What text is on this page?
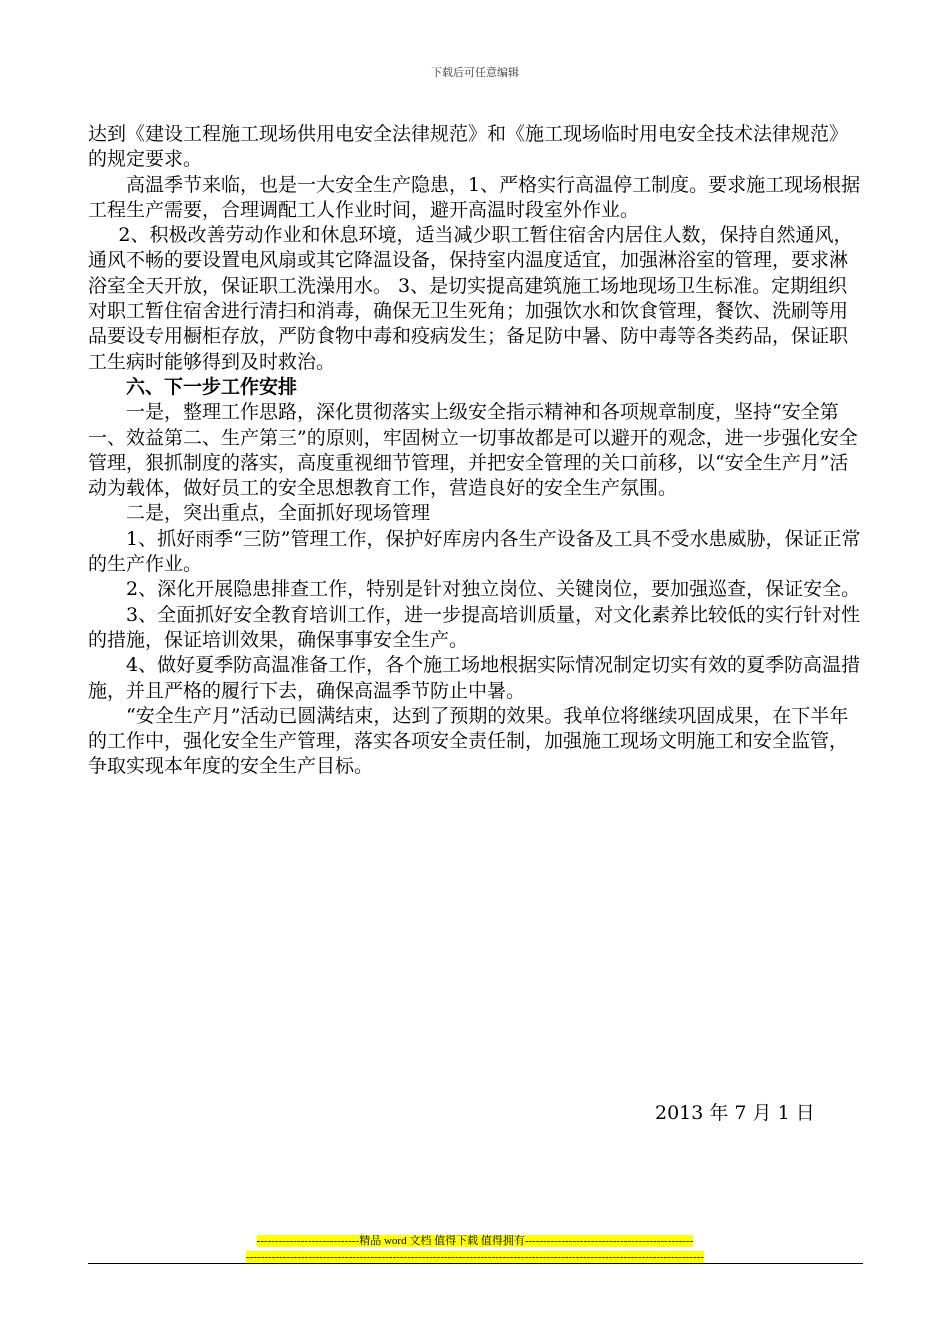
下载后可任意编辑

达到《建设工程施工现场供用电安全法律规范》和《施工现场临时用电安全技术法律规范》的规定要求。

高温季节来临，也是一大安全生产隐患，1、严格实行高温停工制度。要求施工现场根据工程生产需要，合理调配工人作业时间，避开高温时段室外作业。

2、积极改善劳动作业和休息环境，适当减少职工暂住宿舍内居住人数，保持自然通风，通风不畅的要设置电风扇或其它降温设备，保持室内温度适宜，加强淋浴室的管理，要求淋浴室全天开放，保证职工洗澡用水。 3、是切实提高建筑施工场地现场卫生标准。定期组织对职工暂住宿舍进行清扫和消毒，确保无卫生死角；加强饮水和饮食管理，餐饮、洗刷等用品要设专用橱柜存放，严防食物中毒和疫病发生；备足防中暑、防中毒等各类药品，保证职工生病时能够得到及时救治。

六、下一步工作安排

一是，整理工作思路，深化贯彻落实上级安全指示精神和各项规章制度，坚持“安全第一、效益第二、生产第三”的原则，牢固树立一切事故都是可以避开的观念，进一步强化安全管理，狠抓制度的落实，高度重视细节管理，并把安全管理的关口前移，以“安全生产月”活动为载体，做好员工的安全思想教育工作，营造良好的安全生产氛围。

二是，突出重点，全面抓好现场管理

1、抓好雨季“三防”管理工作，保护好库房内各生产设备及工具不受水患威胁，保证正常的生产作业。

2、深化开展隐患排查工作，特别是针对独立岗位、关键岗位，要加强巡查，保证安全。

3、全面抓好安全教育培训工作，进一步提高培训质量，对文化素养比较低的实行针对性的措施，保证培训效果，确保事事安全生产。

4、做好夏季防高温准备工作，各个施工场地根据实际情况制定切实有效的夏季防高温措施，并且严格的履行下去，确保高温季节防止中暑。

“安全生产月”活动已圆满结束，达到了预期的效果。我单位将继续巩固成果，在下半年的工作中，强化安全生产管理，落实各项安全责任制，加强施工现场文明施工和安全监管，争取实现本年度的安全生产目标。

2013 年 7 月 1 日
----------------------------精品 word 文档 值得下载 值得拥有----------------------------------------------
-----------------------------------------------------------------------------------------------------------------------------
